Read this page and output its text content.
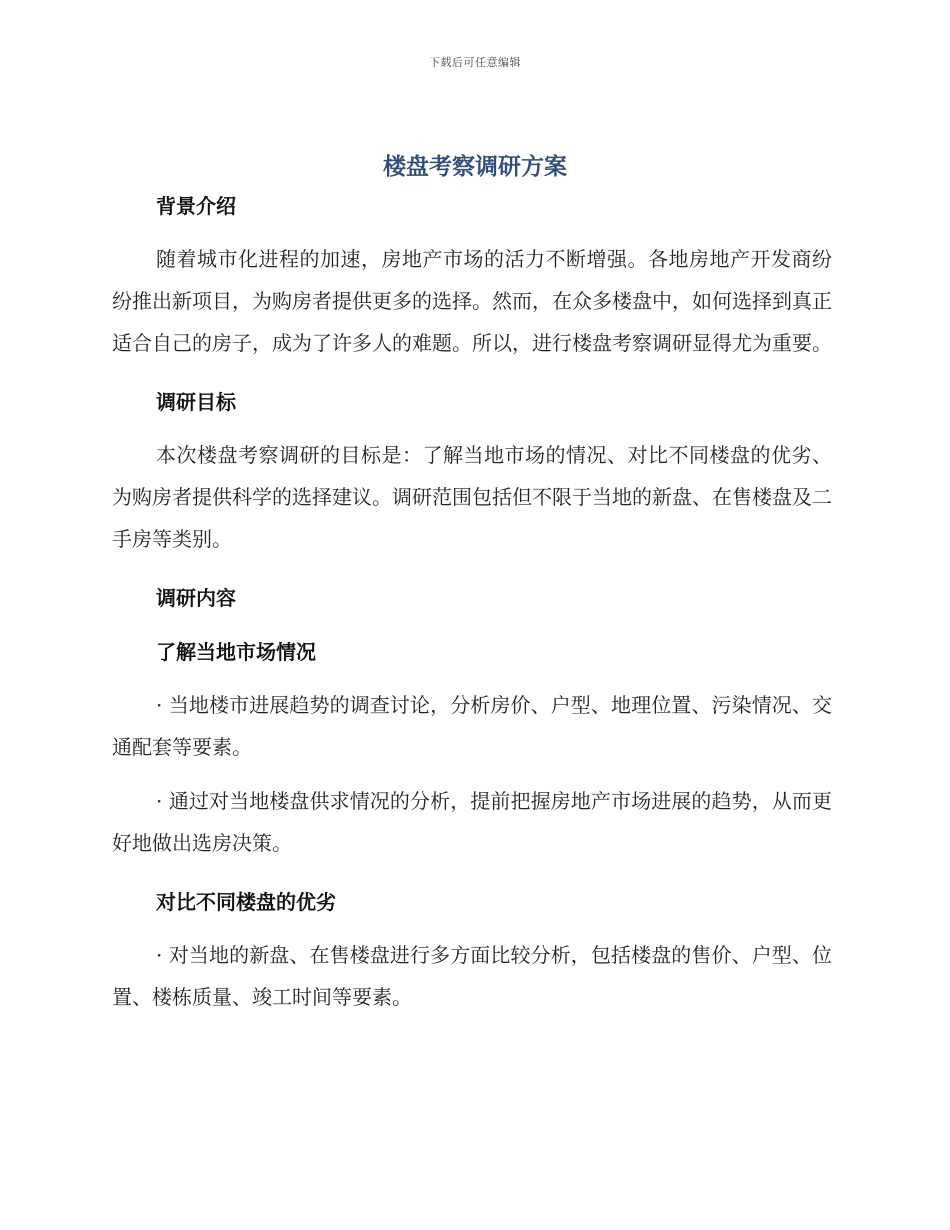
下载后可任意编辑
楼盘考察调研方案
背景介绍

随着城市化进程的加速，房地产市场的活力不断增强。各地房地产开发商纷纷推出新项目，为购房者提供更多的选择。然而，在众多楼盘中，如何选择到真正适合自己的房子，成为了许多人的难题。所以，进行楼盘考察调研显得尤为重要。

调研目标

本次楼盘考察调研的目标是：了解当地市场的情况、对比不同楼盘的优劣、为购房者提供科学的选择建议。调研范围包括但不限于当地的新盘、在售楼盘及二手房等类别。

调研内容
了解当地市场情况

· 当地楼市进展趋势的调查讨论，分析房价、户型、地理位置、污染情况、交通配套等要素。

· 通过对当地楼盘供求情况的分析，提前把握房地产市场进展的趋势，从而更好地做出选房决策。

对比不同楼盘的优劣

· 对当地的新盘、在售楼盘进行多方面比较分析，包括楼盘的售价、户型、位置、楼栋质量、竣工时间等要素。
